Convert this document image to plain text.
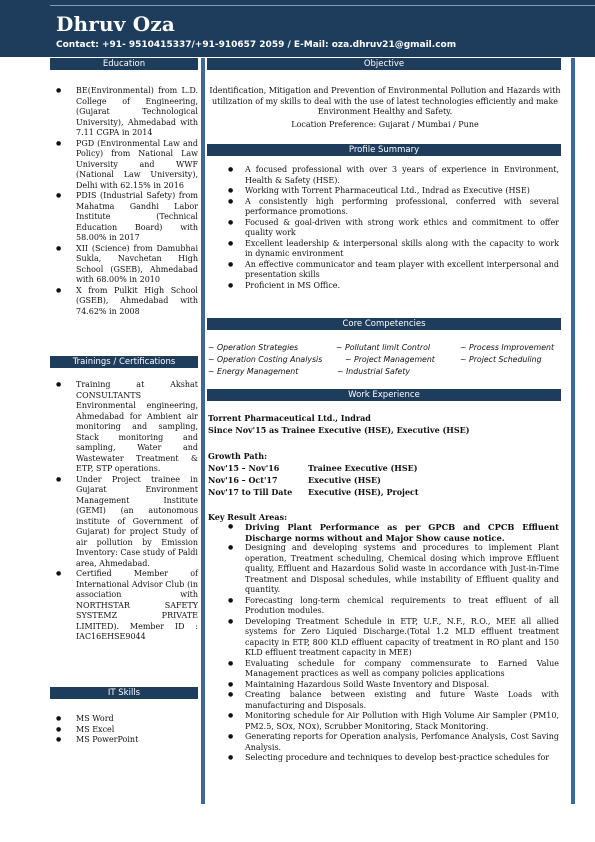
Dhruv Oza
Contact: +91- 9510415337/+91-910657 2059 / E-Mail: oza.dhruv21@gmail.com
Education
● BE(Environmental) from L.D. College of Engineering, (Gujarat Technological University), Ahmedabad with 7.11 CGPA in 2014
● PGD (Environmental Law and Policy) from National Law University and WWF (National Law University), Delhi with 62.15% in 2016
● PDIS (Industrial Safety) from Mahatma Gandhi Labor Institute (Technical Education Board) with 58.00% in 2017
● XII (Science) from Damubhai Sukla, Navchetan High School (GSEB), Ahmedabad with 68.00% in 2010
● X from Pulkit High School (GSEB), Ahmedabad with 74.62% in 2008
Trainings / Certifications
● Training at Akshat CONSULTANTS Environmental engineering, Ahmedabad for Ambient air monitoring and sampling, Stack monitoring and sampling, Water and Wastewater Treatment & ETP, STP operations.
● Under Project trainee in Gujarat Environment Management Institute (GEMI) (an autonomous institute of Government of Gujarat) for project Study of air pollution by Emission Inventory: Case study of Paldi area, Ahmedabad.
● Certified Member of International Advisor Club (in association with NORTHSTAR SAFETY SYSTEMZ PRIVATE LIMITED). Member ID : IAC16EHSE9044
IT Skills
● MS Word
● MS Excel
● MS PowerPoint
Objective
Identification, Mitigation and Prevention of Environmental Pollution and Hazards with utilization of my skills to deal with the use of latest technologies efficiently and make Environment Healthy and Safety.
Location Preference: Gujarat / Mumbai / Pune
Profile Summary
● A focused professional with over 3 years of experience in Environment, Health & Safety (HSE).
● Working with Torrent Pharmaceutical Ltd., Indrad as Executive (HSE)
● A consistently high performing professional, conferred with several performance promotions.
● Focused & goal-driven with strong work ethics and commitment to offer quality work
● Excellent leadership & interpersonal skills along with the capacity to work in dynamic environment
● An effective communicator and team player with excellent interpersonal and presentation skills
● Proficient in MS Office.
Core Competencies
~ Operation Strategies	~ Pollutant limit Control	~ Process Improvement
~ Operation Costing Analysis	~ Project Management	~ Project Scheduling
~ Energy Management	~ Industrial Safety
Work Experience
Torrent Pharmaceutical Ltd., Indrad
Since Nov'15 as Trainee Executive (HSE), Executive (HSE)
Growth Path:
Nov'15 – Nov'16	Trainee Executive (HSE)
Nov'16 – Oct'17	Executive (HSE)
Nov'17 to Till Date Executive (HSE), Project
Key Result Areas:
● Driving Plant Performance as per GPCB and CPCB Effluent Discharge norms without and Major Show cause notice.
● Designing and developing systems and procedures to implement Plant operation, Treatment scheduling, Chemical dosing which improve Effluent quality, Effluent and Hazardous Solid waste in accordance with Just-in-Time Treatment and Disposal schedules, while instability of Effluent quality and quantity.
● Forecasting long-term chemical requirements to treat effluent of all Prodution modules.
● Developing Treatment Schedule in ETP, U.F., N.F., R.O., MEE all allied systems for Zero Liquied Discharge.(Total 1.2 MLD effluent treatment capacity in ETP, 800 KLD effluent capacity of treatment in RO plant and 150 KLD effluent treatment capacity in MEE)
● Evaluating schedule for company commensurate to Earned Value Management practices as well as company policies applications
● Maintaining Hazardous Soild Waste Inventory and Disposal.
● Creating balance between existing and future Waste Loads with manufacturing and Disposals.
● Monitoring schedule for Air Pollution with High Volume Air Sampler (PM10, PM2.5, SOx, NOx), Scrubber Monitoring, Stack Monitoring.
● Generating reports for Operation analysis, Perfomance Analysis, Cost Saving Analysis.
● Selecting procedure and techniques to develop best-practice schedules for
